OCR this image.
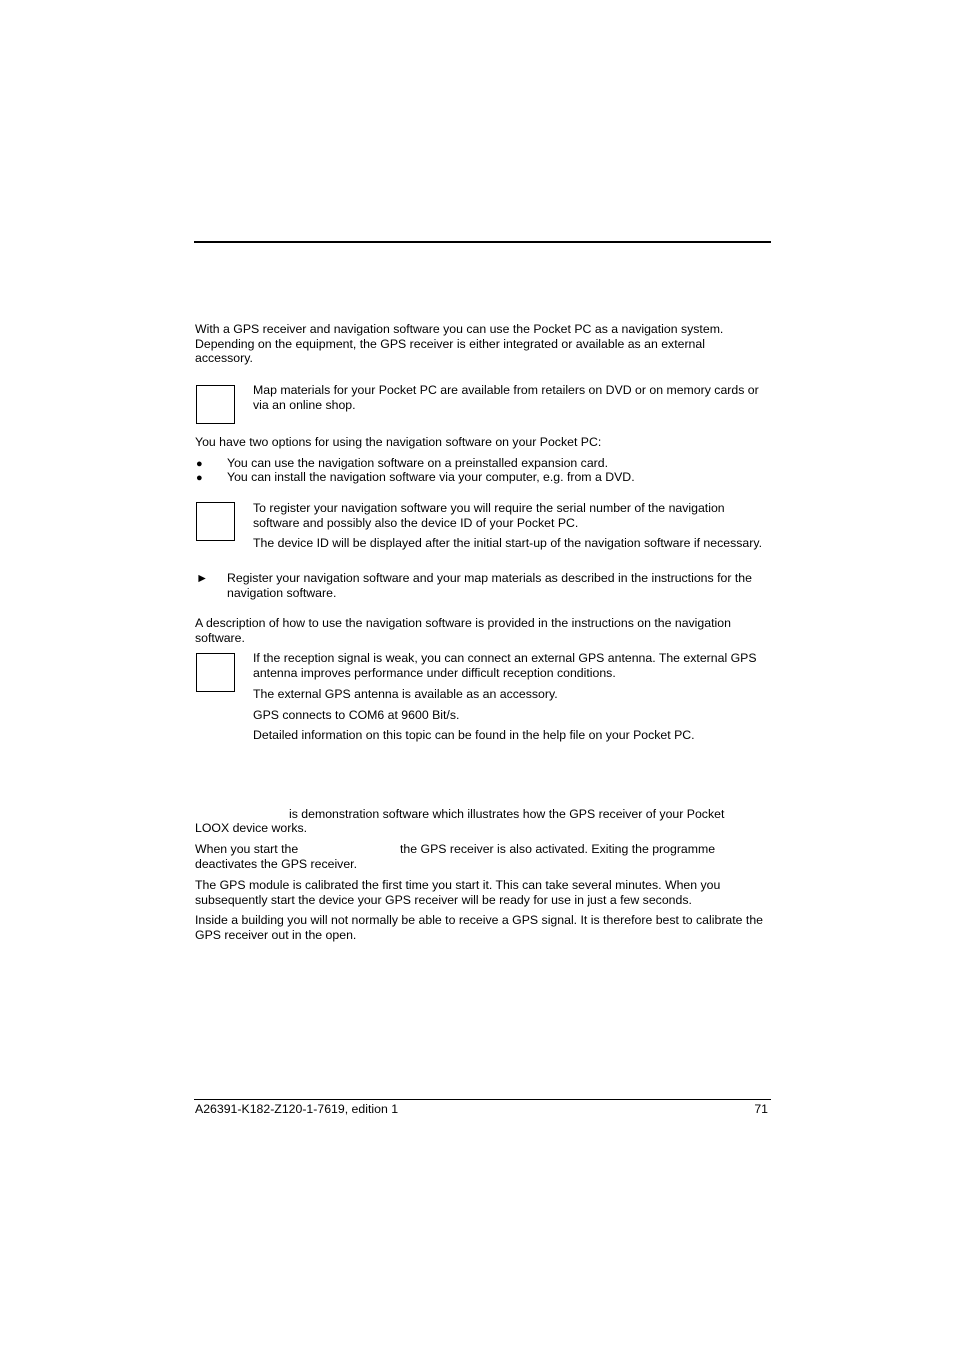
With a GPS receiver and navigation software you can use the Pocket PC as a navigation system. Depending on the equipment, the GPS receiver is either integrated or available as an external accessory.

Map materials for your Pocket PC are available from retailers on DVD or on memory cards or via an online shop.

You have two options for using the navigation software on your Pocket PC:

● You can use the navigation software on a preinstalled expansion card.

● You can install the navigation software via your computer, e.g. from a DVD.

To register your navigation software you will require the serial number of the navigation software and possibly also the device ID of your Pocket PC.

The device ID will be displayed after the initial start-up of the navigation software if necessary.

► Register your navigation software and your map materials as described in the instructions for the navigation software.

A description of how to use the navigation software is provided in the instructions on the navigation software.

If the reception signal is weak, you can connect an external GPS antenna. The external GPS antenna improves performance under difficult reception conditions.

The external GPS antenna is available as an accessory.

GPS connects to COM6 at 9600 Bit/s.

Detailed information on this topic can be found in the help file on your Pocket PC.

is demonstration software which illustrates how the GPS receiver of your Pocket

LOOX device works.

When you start the	the GPS receiver is also activated. Exiting the programme

deactivates the GPS receiver.

The GPS module is calibrated the first time you start it. This can take several minutes. When you subsequently start the device your GPS receiver will be ready for use in just a few seconds.

Inside a building you will not normally be able to receive a GPS signal. It is therefore best to calibrate the GPS receiver out in the open.

A26391-K182-Z120-1-7619, edition 1	71
